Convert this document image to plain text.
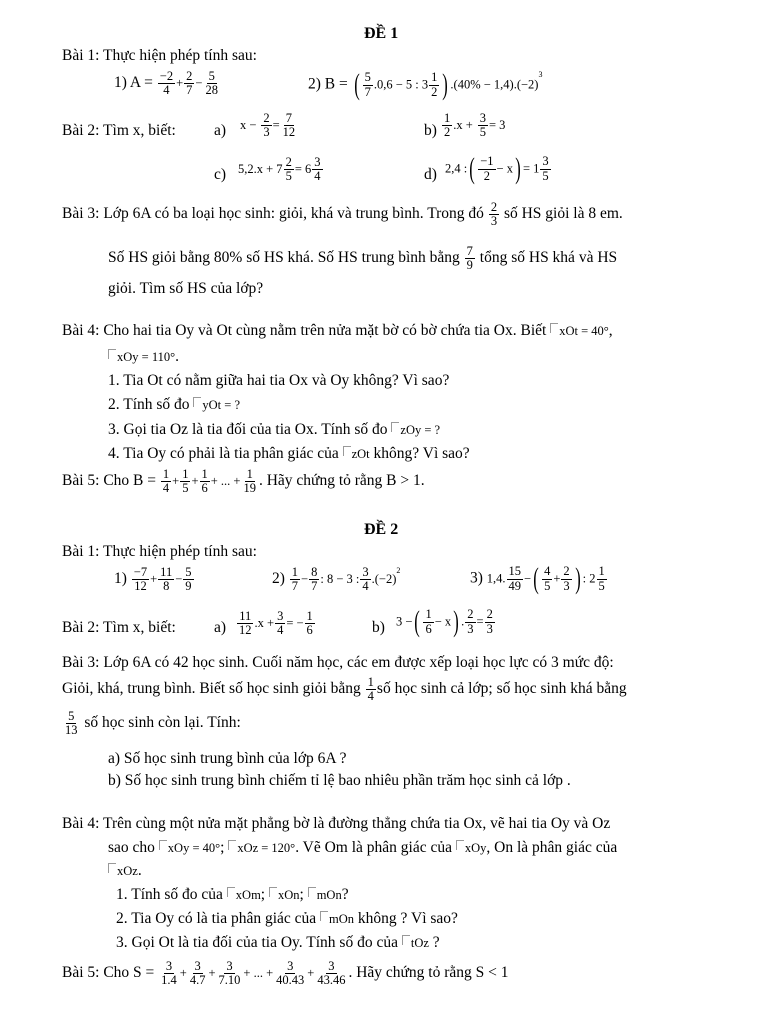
ĐỀ 1
Bài 1: Thực hiện phép tính sau:
1) $A = \frac{-2}{4} + \frac{2}{7} - \frac{5}{28}$	2) B = ( $\frac{5}{7} .0,6 - 5$ : $3 \frac{1}{2}$ ) $.(40\% - 1,4).(-2)^3$
Bài 2: Tìm x, biết: a) $x - \frac{2}{3} = \frac{7}{12}$	$b) \frac{1}{2} .x + \frac{3}{5} = 3$
c) $5,2.x + 7 \frac{2}{5} = 6 \frac{3}{4}$	d) 2,4 :( $\frac{-1}{2} - x) = 1 \frac{3}{5}$
Bài 3: Lớp 6A có ba loại học sinh: giỏi, khá và trung bình. Trong đó $\frac{2}{3}$ số HS giỏi là 8 em.
Số HS giỏi bằng 80% số HS khá. Số HS trung bình bằng $\frac{7}{9}$ tổng số HS khá và HS
giỏi. Tìm số HS của lớp?
Bài 4: Cho hai tia Oy và Ot cùng nằm trên nửa mặt bờ có bờ chứa tia Ox. Biết xOt = 40°,
xOy = 110°.
1. Tia Ot có nằm giữa hai tia Ox và Oy không? Vì sao?
2. Tính số đo yOt = ?
3. Gọi tia Oz là tia đối của tia Ox. Tính số đo zOy = ?
4. Tia Oy có phải là tia phân giác của zOt không? Vì sao?
Bài 5: Cho $B = \frac{1}{4} + \frac{1}{5} + \frac{1}{6}$ + ... + $\frac{1}{19}$ . Hãy chứng tỏ rằng B > 1.
ĐỀ 2
Bài 1: Thực hiện phép tính sau:
$1) \frac{-7}{12} + \frac{11}{8} - \frac{5}{9}$	$2) \frac{1}{7} - \frac{8}{7}$ : 8 − 3 : $\frac{3}{4} .(-2)^2$	3) 1,4. $\frac{15}{49}$ −( $\frac{4}{5} + \frac{2}{3}$ ) : $2 \frac{1}{5}$
Bài 2: Tìm x, biết: $a) \frac{11}{12} .x + \frac{3}{4}$ = − $\frac{1}{6}$	b) 3 −( $\frac{1}{6} - x$) . $\frac{2}{3} = \frac{2}{3}$
Bài 3: Lớp 6A có 42 học sinh. Cuối năm học, các em được xếp loại học lực có 3 mức độ:
Giỏi, khá, trung bình. Biết số học sinh giỏi bằng $\frac{1}{4}$ số học sinh cả lớp; số học sinh khá bằng
$\frac{5}{13}$ số học sinh còn lại. Tính:
a) Số học sinh trung bình của lớp 6A ?
b) Số học sinh trung bình chiếm tỉ lệ bao nhiêu phần trăm học sinh cả lớp .
Bài 4: Trên cùng một nửa mặt phẳng bờ là đường thẳng chứa tia Ox, vẽ hai tia Oy và Oz
sao cho xOy = 40°; xOz = 120°. Vẽ Om là phân giác của xOy, On là phân giác của
xOz.
1. Tính số đo của xOm; xOn; mOn?
2. Tia Oy có là tia phân giác của mOn không ? Vì sao?
3. Gọi Ot là tia đối của tia Oy. Tính số đo của tOz ?
Bài 5: Cho $S = \frac{3}{1.4} + \frac{3}{4.7} + \frac{3}{7.10}$ + ... + $\frac{3}{40.43} + \frac{3}{43.46}$ . Hãy chứng tỏ rằng S < 1
